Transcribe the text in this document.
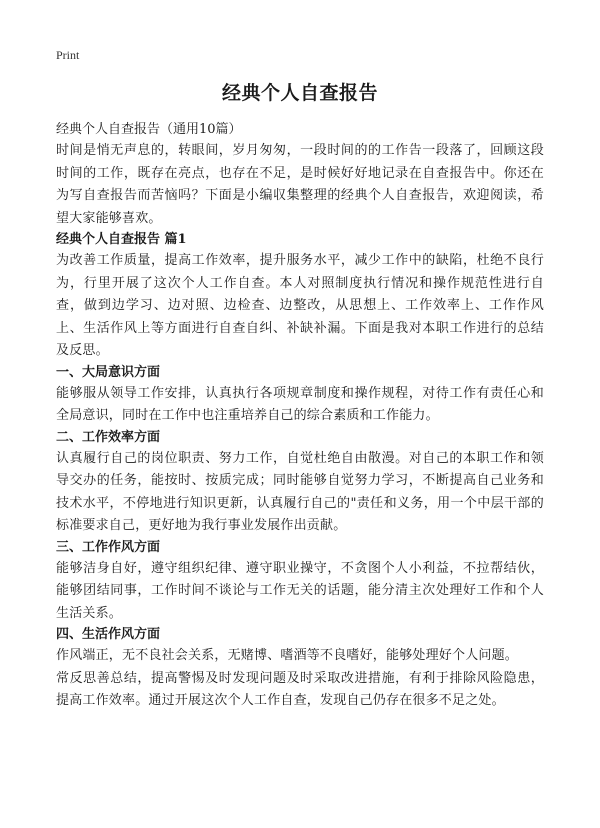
Print
经典个人自查报告
经典个人自查报告（通用10篇）

时间是悄无声息的，转眼间，岁月匆匆，一段时间的的工作告一段落了，回顾这段时间的工作，既存在亮点，也存在不足，是时候好好地记录在自查报告中。你还在为写自查报告而苦恼吗？下面是小编収集整理的经典个人自查报告，欢迎阅读，希望大家能够喜欢。

经典个人自查报告 篇1

为改善工作质量，提高工作效率，提升服务水平，减少工作中的缺陷，杜绝不良行为，行里开展了这次个人工作自查。本人对照制度执行情况和操作规范性进行自查，做到边学习、边对照、边检查、边整改，从思想上、工作效率上、工作作风上、生活作风上等方面进行自查自纠、补缺补漏。下面是我对本职工作进行的总结及反思。

一、大局意识方面

能够服从领导工作安排，认真执行各项规章制度和操作规程，对待工作有责任心和全局意识，同时在工作中也注重培养自己的综合素质和工作能力。

二、工作效率方面

认真履行自己的岗位职责、努力工作，自觉杜绝自由散漫。对自己的本职工作和领导交办的任务，能按时、按质完成；同时能够自觉努力学习，不断提高自己业务和技术水平，不停地进行知识更新，认真履行自己的"责任和义务，用一个中层干部的标准要求自己，更好地为我行事业发展作出贡献。

三、工作作风方面

能够洁身自好，遵守组织纪律、遵守职业操守，不贪图个人小利益，不拉帮结伙，能够团结同事，工作时间不谈论与工作无关的话题，能分清主次处理好工作和个人生活关系。

四、生活作风方面

作风端正，无不良社会关系，无赌博、嗜酒等不良嗜好，能够处理好个人问题。

常反思善总结，提高警惕及时发现问题及时采取改进措施，有利于排除风险隐患，提高工作效率。通过开展这次个人工作自查，发现自己仍存在很多不足之处。
